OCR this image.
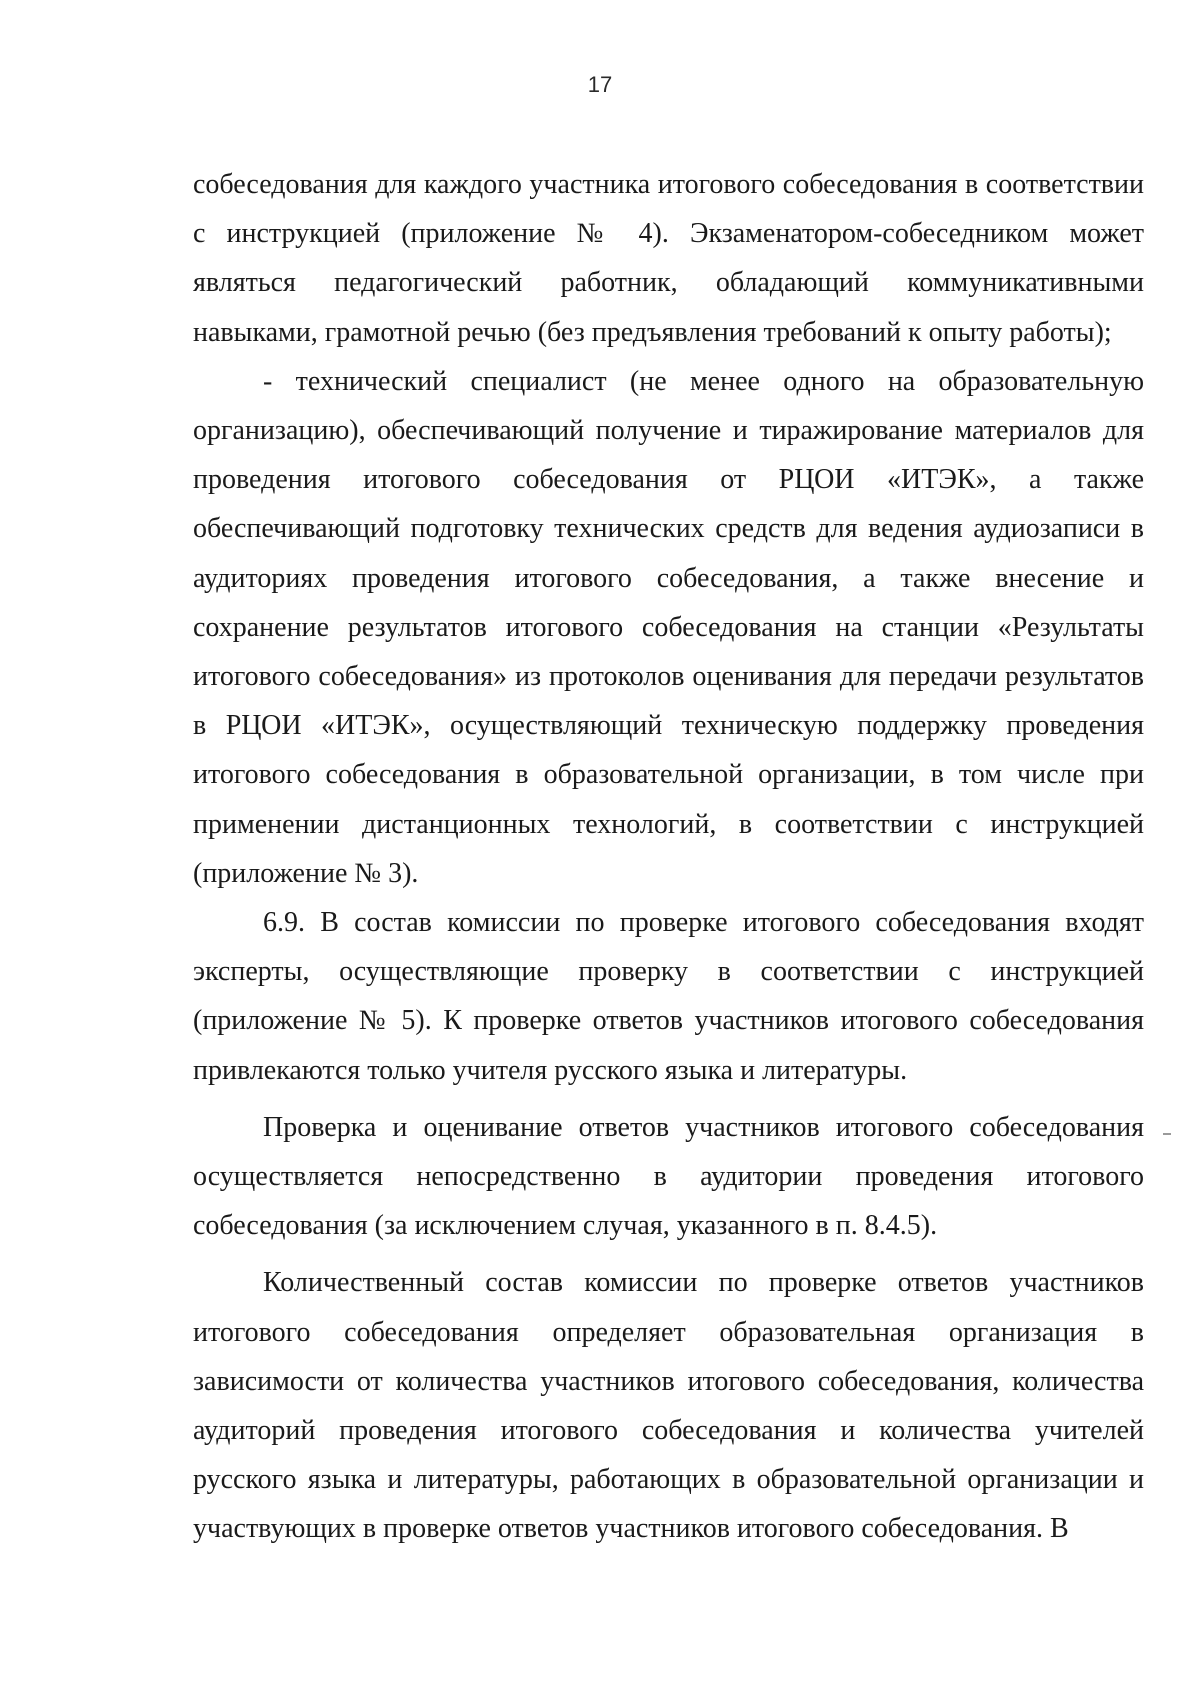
17

собеседования для каждого участника итогового собеседования в соответствии с инструкцией (приложение № 4). Экзаменатором-собеседником может являться педагогический работник, обладающий коммуникативными навыками, грамотной речью (без предъявления требований к опыту работы);

- технический специалист (не менее одного на образовательную организацию), обеспечивающий получение и тиражирование материалов для проведения итогового собеседования от РЦОИ «ИТЭК», а также обеспечивающий подготовку технических средств для ведения аудиозаписи в аудиториях проведения итогового собеседования, а также внесение и сохранение результатов итогового собеседования на станции «Результаты итогового собеседования» из протоколов оценивания для передачи результатов в РЦОИ «ИТЭК», осуществляющий техническую поддержку проведения итогового собеседования в образовательной организации, в том числе при применении дистанционных технологий, в соответствии с инструкцией (приложение № 3).

6.9. В состав комиссии по проверке итогового собеседования входят эксперты, осуществляющие проверку в соответствии с инструкцией (приложение № 5). К проверке ответов участников итогового собеседования привлекаются только учителя русского языка и литературы.

Проверка и оценивание ответов участников итогового собеседования осуществляется непосредственно в аудитории проведения итогового собеседования (за исключением случая, указанного в п. 8.4.5).

Количественный состав комиссии по проверке ответов участников итогового собеседования определяет образовательная организация в зависимости от количества участников итогового собеседования, количества аудиторий проведения итогового собеседования и количества учителей русского языка и литературы, работающих в образовательной организации и участвующих в проверке ответов участников итогового собеседования. В
